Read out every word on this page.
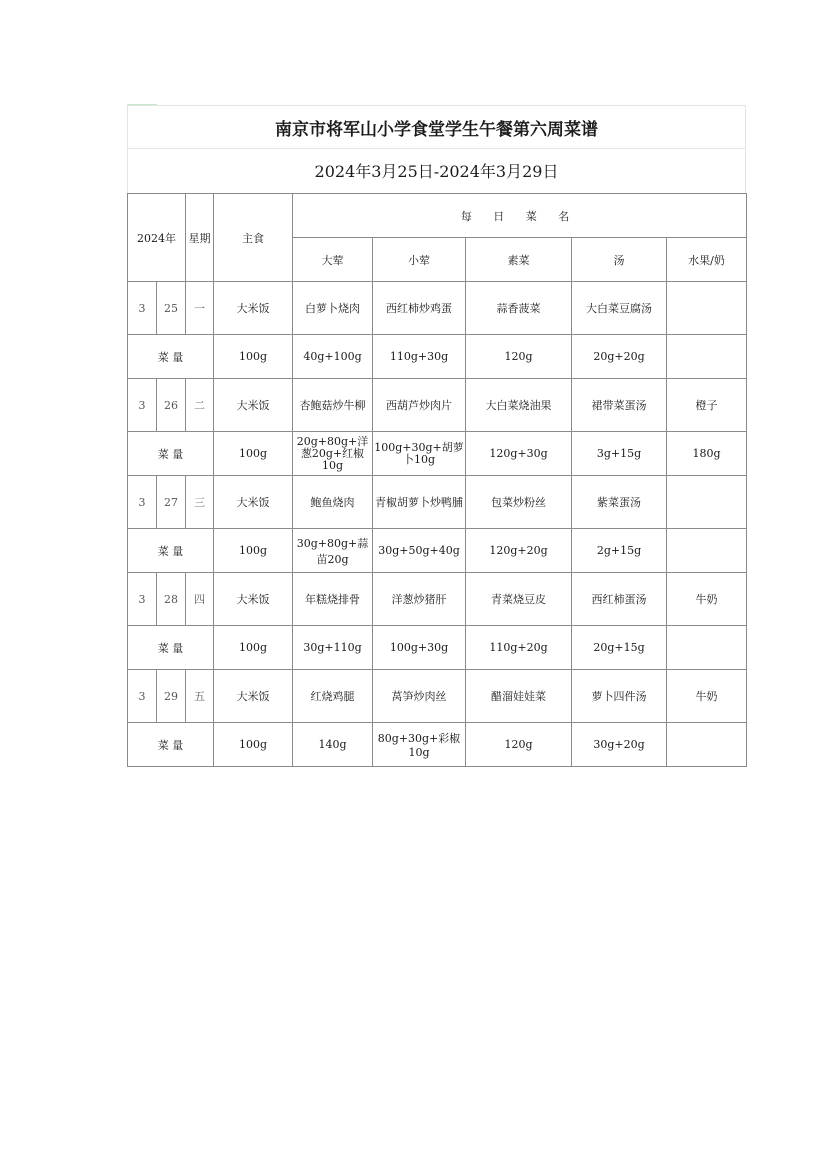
南京市将军山小学食堂学生午餐第六周菜谱
2024年3月25日-2024年3月29日
2024年		星期	主食	每 日 菜 名				
				大荤	小荤	素菜	汤	水果/奶
3	25	一	大米饭	白萝卜烧肉	西红柿炒鸡蛋	蒜香菠菜	大白菜豆腐汤	
菜 量			100g	40g+100g	110g+30g	120g	20g+20g	
3	26	二	大米饭	杏鲍菇炒牛柳	西葫芦炒肉片	大白菜烧油果	裙带菜蛋汤	橙子
菜 量			100g	20g+80g+洋葱20g+红椒10g	100g+30g+胡萝卜10g	120g+30g	3g+15g	180g
3	27	三	大米饭	鲍鱼烧肉	青椒胡萝卜炒鸭脯	包菜炒粉丝	紫菜蛋汤	
菜 量			100g	30g+80g+蒜苗20g	30g+50g+40g	120g+20g	2g+15g	
3	28	四	大米饭	年糕烧排骨	洋葱炒猪肝	青菜烧豆皮	西红柿蛋汤	牛奶
菜 量			100g	30g+110g	100g+30g	110g+20g	20g+15g	
3	29	五	大米饭	红烧鸡腿	莴笋炒肉丝	醋溜娃娃菜	萝卜四件汤	牛奶
菜 量			100g	140g	80g+30g+彩椒10g	120g	30g+20g	
